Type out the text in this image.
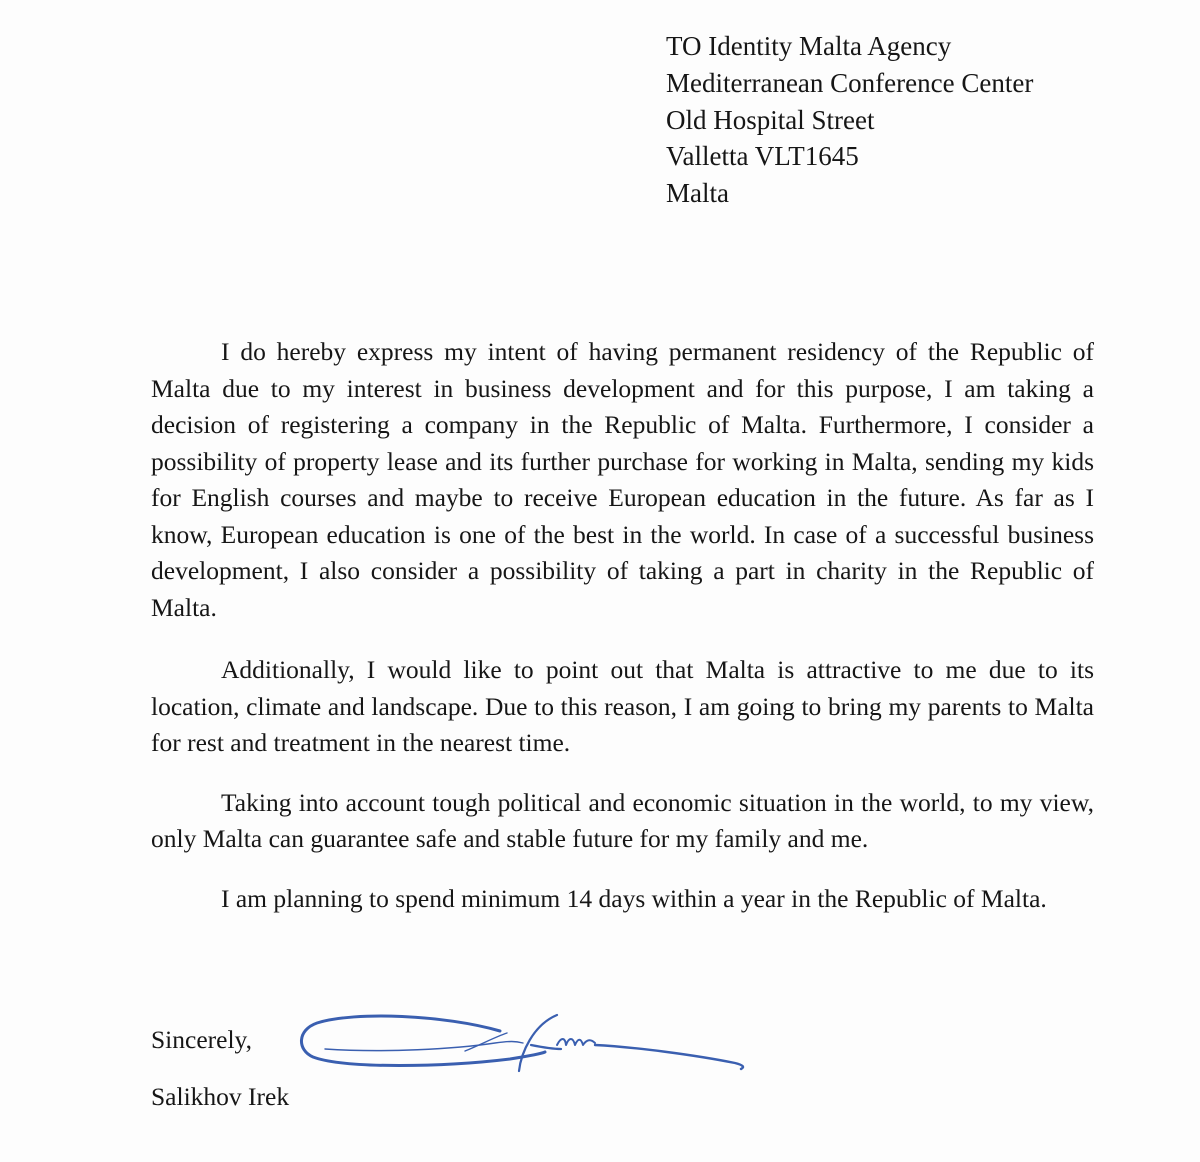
TO Identity Malta Agency
Mediterranean Conference Center
Old Hospital Street
Valletta VLT1645
Malta

I do hereby express my intent of having permanent residency of the Republic of Malta due to my interest in business development and for this purpose, I am taking a decision of registering a company in the Republic of Malta. Furthermore, I consider a possibility of property lease and its further purchase for working in Malta, sending my kids for English courses and maybe to receive European education in the future. As far as I know, European education is one of the best in the world. In case of a successful business development, I also consider a possibility of taking a part in charity in the Republic of Malta.

Additionally, I would like to point out that Malta is attractive to me due to its location, climate and landscape. Due to this reason, I am going to bring my parents to Malta for rest and treatment in the nearest time.

Taking into account tough political and economic situation in the world, to my view, only Malta can guarantee safe and stable future for my family and me.

I am planning to spend minimum 14 days within a year in the Republic of Malta.

Sincerely,
Salikhov Irek
